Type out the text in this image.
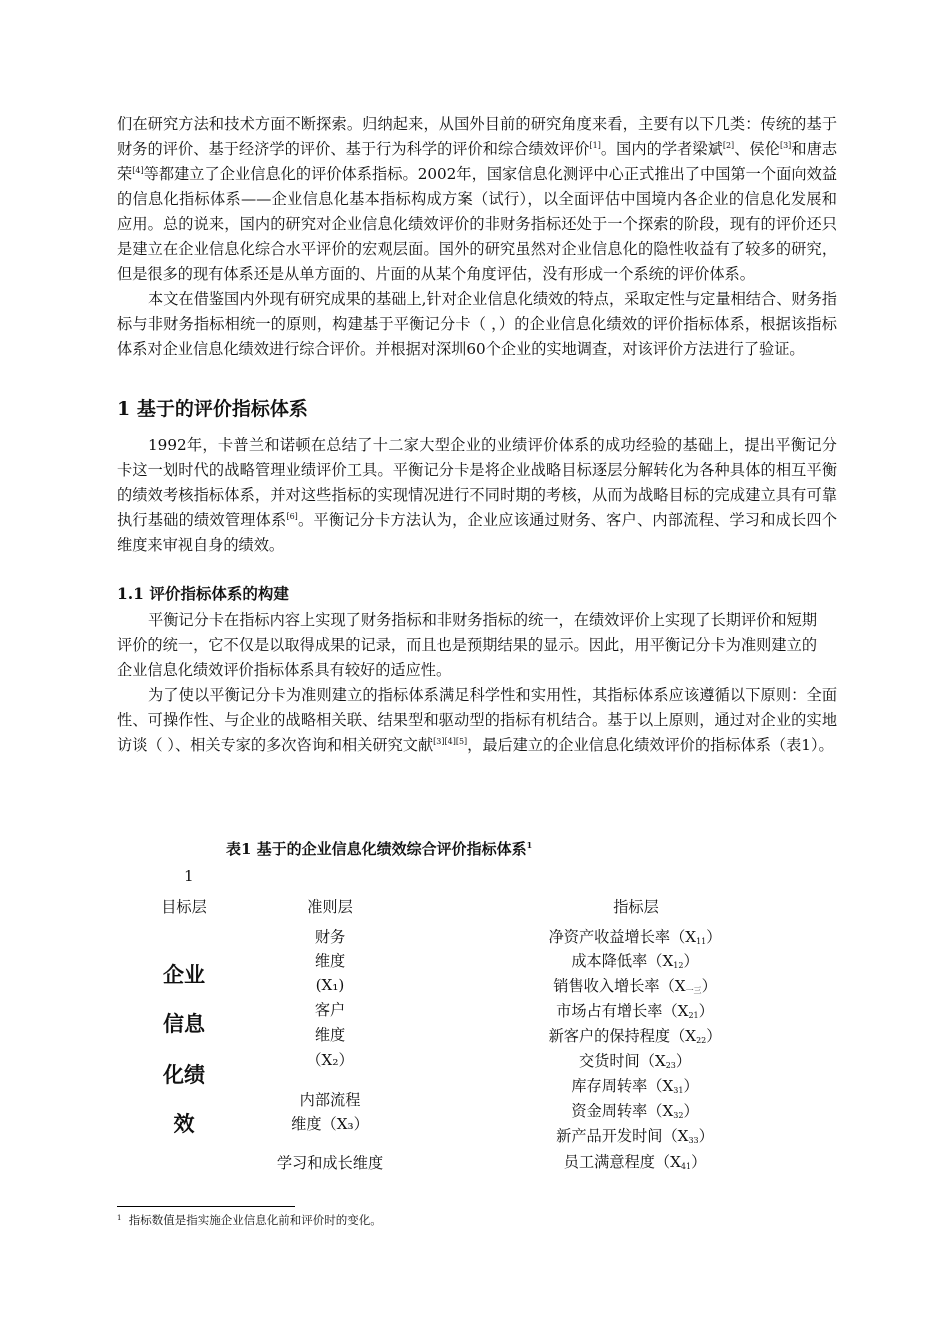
们在研究方法和技术方面不断探索。归纳起来，从国外目前的研究角度来看，主要有以下几类：传统的基于财务的评价、基于经济学的评价、基于行为科学的评价和综合绩效评价[1]。国内的学者梁斌[2]、侯伦[3]和唐志荣[4]等都建立了企业信息化的评价体系指标。2002年，国家信息化测评中心正式推出了中国第一个面向效益的信息化指标体系——企业信息化基本指标构成方案（试行），以全面评估中国境内各企业的信息化发展和应用。总的说来，国内的研究对企业信息化绩效评价的非财务指标还处于一个探索的阶段，现有的评价还只是建立在企业信息化综合水平评价的宏观层面。国外的研究虽然对企业信息化的隐性收益有了较多的研究，但是很多的现有体系还是从单方面的、片面的从某个角度评估，没有形成一个系统的评价体系。

本文在借鉴国内外现有研究成果的基础上,针对企业信息化绩效的特点，采取定性与定量相结合、财务指标与非财务指标相统一的原则，构建基于平衡记分卡（ ，）的企业信息化绩效的评价指标体系，根据该指标体系对企业信息化绩效进行综合评价。并根据对深圳60个企业的实地调查，对该评价方法进行了验证。

1 基于的评价指标体系

1992年，卡普兰和诺顿在总结了十二家大型企业的业绩评价体系的成功经验的基础上，提出平衡记分卡这一划时代的战略管理业绩评价工具。平衡记分卡是将企业战略目标逐层分解转化为各种具体的相互平衡的绩效考核指标体系，并对这些指标的实现情况进行不同时期的考核，从而为战略目标的完成建立具有可靠执行基础的绩效管理体系[6]。平衡记分卡方法认为，企业应该通过财务、客户、内部流程、学习和成长四个维度来审视自身的绩效。

1.1 评价指标体系的构建

平衡记分卡在指标内容上实现了财务指标和非财务指标的统一，在绩效评价上实现了长期评价和短期评价的统一，它不仅是以取得成果的记录，而且也是预期结果的显示。因此，用平衡记分卡为准则建立的企业信息化绩效评价指标体系具有较好的适应性。

为了使以平衡记分卡为准则建立的指标体系满足科学性和实用性，其指标体系应该遵循以下原则：全面性、可操作性、与企业的战略相关联、结果型和驱动型的指标有机结合。基于以上原则，通过对企业的实地访谈（ ）、相关专家的多次咨询和相关研究文献[3][4][5]，最后建立的企业信息化绩效评价的指标体系（表1）。

表1 基于的企业信息化绩效综合评价指标体系$^1$
1
目标层	准则层	指标层
企业
信息
化绩
效
财务
维度
(X₁)
客户
维度
（X₂）
内部流程
维度（X₃）
学习和成长维度
净资产收益增长率$(X_{11})$
成本降低率$(X_{12})$
销售收入增长率$(X_{一三})$
市场占有增长率$(X_{21})$
新客户的保持程度$(X_{22})$
交货时间$(X_{23})$
库存周转率$(X_{31})$
资金周转率$(X_{32})$
新产品开发时间$(X_{33})$
员工满意程度$(X_{41})$
$^1$ 指标数值是指实施企业信息化前和评价时的变化。
